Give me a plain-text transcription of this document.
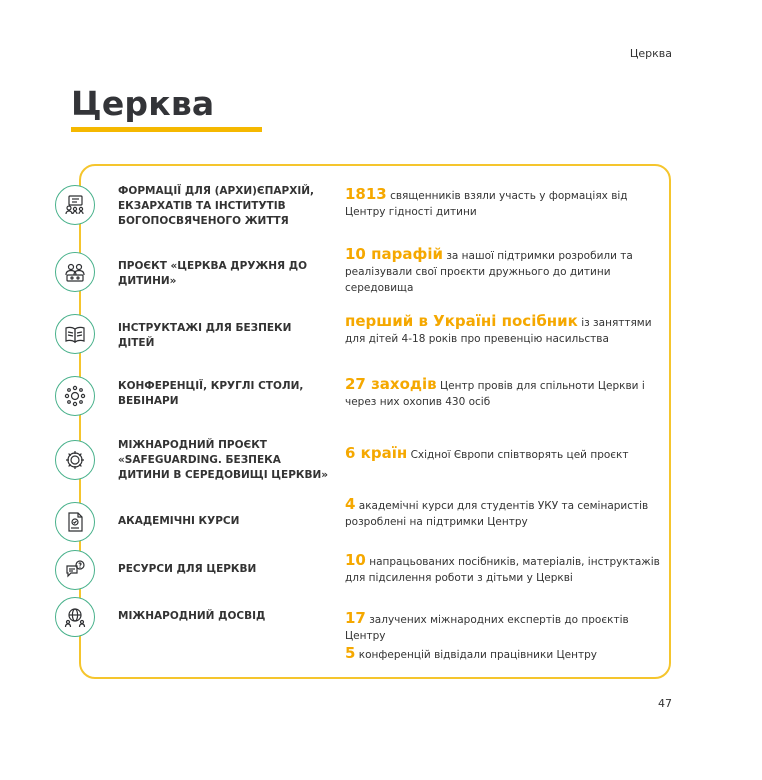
Церква
Церква
ФОРМАЦІЇ ДЛЯ (АРХИ)ЄПАРХІЙ, ЕКЗАРХАТІВ ТА ІНСТИТУТІВ БОГОПОСВЯЧЕНОГО ЖИТТЯ
1813 священників взяли участь у формаціях від Центру гідності дитини
ПРОЄКТ «ЦЕРКВА ДРУЖНЯ ДО ДИТИНИ»
10 парафій за нашої підтримки розробили та реалізували свої проєкти дружнього до дитини середовища
ІНСТРУКТАЖІ ДЛЯ БЕЗПЕКИ ДІТЕЙ
перший в Україні посібник із заняттями для дітей 4-18 років про превенцію насильства
КОНФЕРЕНЦІЇ, КРУГЛІ СТОЛИ, ВЕБІНАРИ
27 заходів Центр провів для спільноти Церкви і через них охопив 430 осіб
МІЖНАРОДНИЙ ПРОЄКТ «SAFEGUARDING. БЕЗПЕКА ДИТИНИ В СЕРЕДОВИЩІ ЦЕРКВИ»
6 країн Східної Європи співтворять цей проєкт
АКАДЕМІЧНІ КУРСИ
4 академічні курси для студентів УКУ та семінаристів розроблені на підтримки Центру
РЕСУРСИ ДЛЯ ЦЕРКВИ	10 напрацьованих посібників, матеріалів, інструктажів для підсилення роботи з дітьми у Церкві
МІЖНАРОДНИЙ ДОСВІД	17 залучених міжнародних експертів до проєктів Центру
5 конференцій відвідали працівники Центру
47
